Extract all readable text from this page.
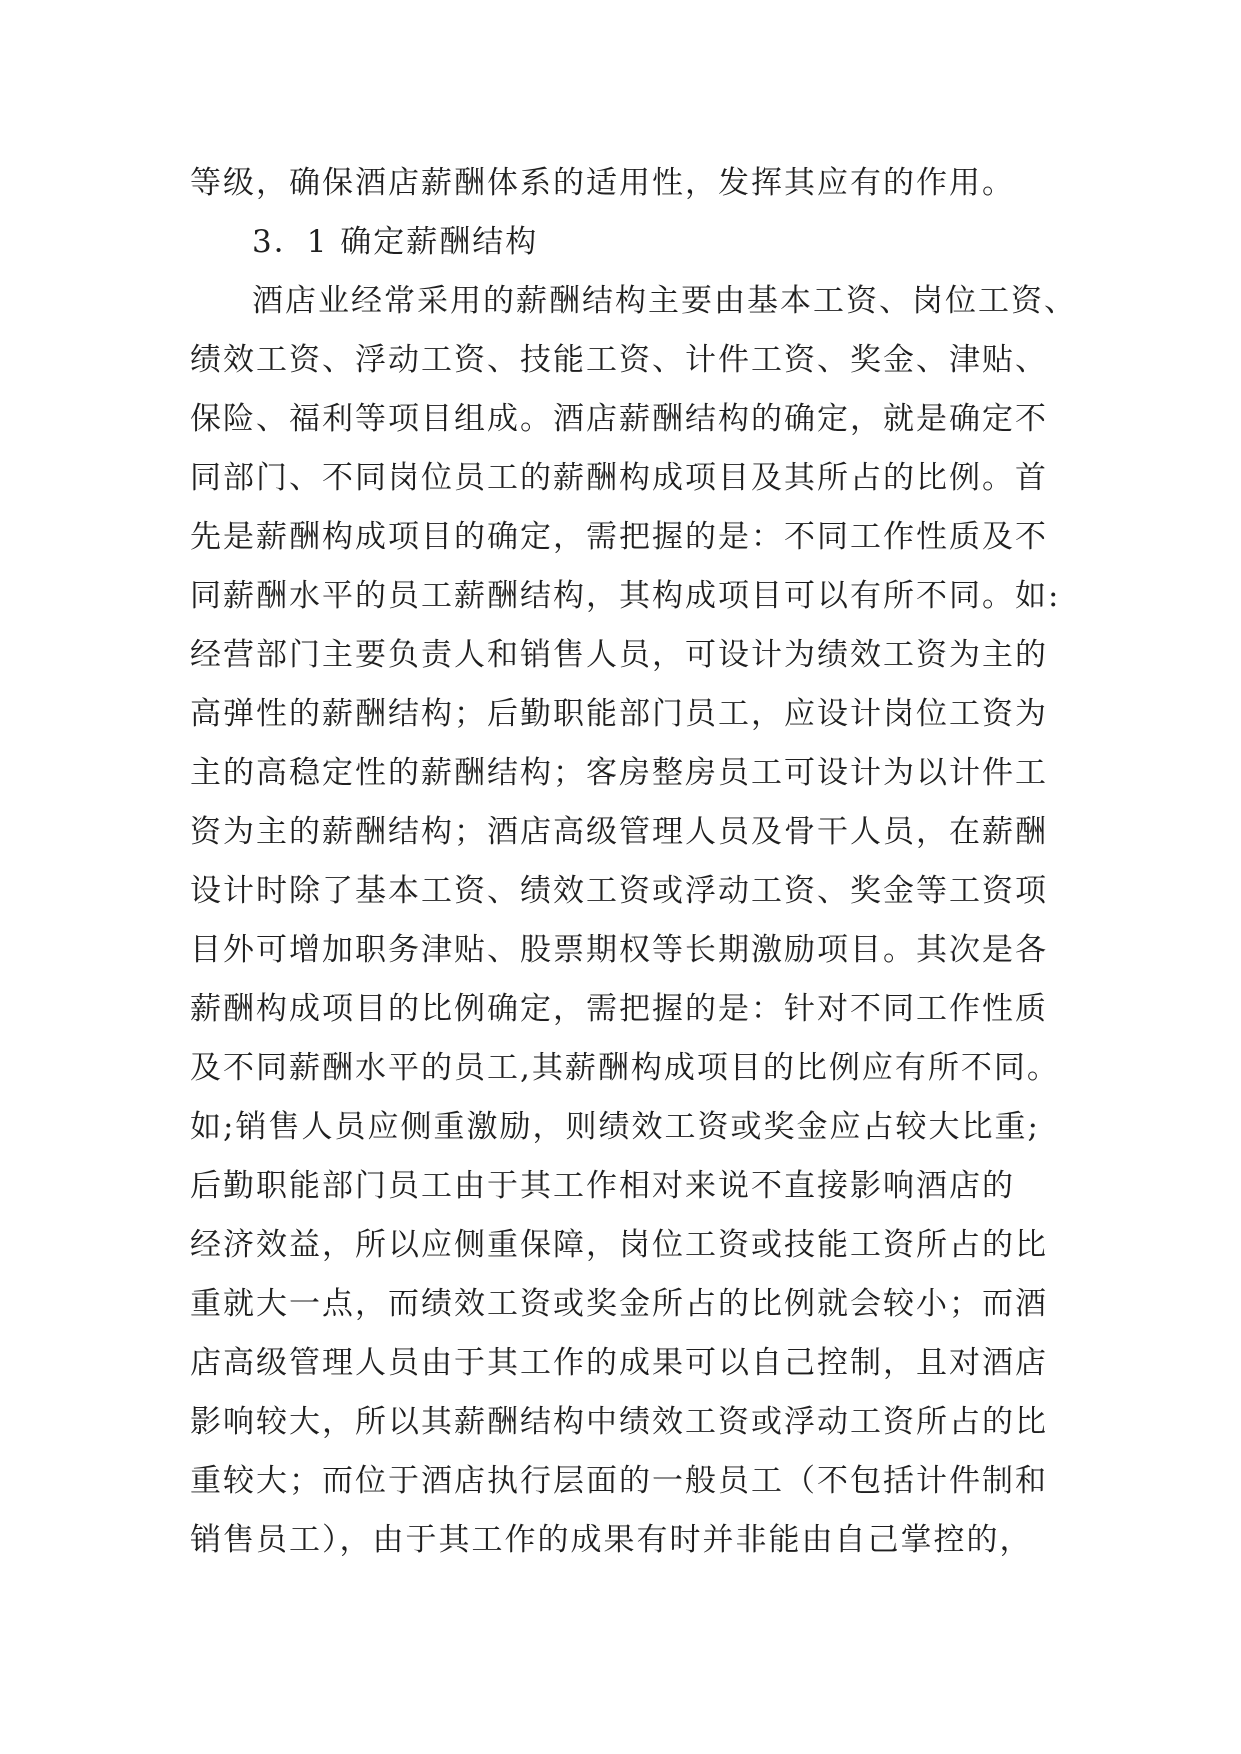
等级，确保酒店薪酬体系的适用性，发挥其应有的作用。
3．1 确定薪酬结构
酒店业经常采用的薪酬结构主要由基本工资、岗位工资、
绩效工资、浮动工资、技能工资、计件工资、奖金、津贴、
保险、福利等项目组成。酒店薪酬结构的确定，就是确定不
同部门、不同岗位员工的薪酬构成项目及其所占的比例。首
先是薪酬构成项目的确定，需把握的是：不同工作性质及不
同薪酬水平的员工薪酬结构，其构成项目可以有所不同。如:
经营部门主要负责人和销售人员，可设计为绩效工资为主的
高弹性的薪酬结构；后勤职能部门员工，应设计岗位工资为
主的高稳定性的薪酬结构；客房整房员工可设计为以计件工
资为主的薪酬结构；酒店高级管理人员及骨干人员，在薪酬
设计时除了基本工资、绩效工资或浮动工资、奖金等工资项
目外可增加职务津贴、股票期权等长期激励项目。其次是各
薪酬构成项目的比例确定，需把握的是：针对不同工作性质
及不同薪酬水平的员工,其薪酬构成项目的比例应有所不同。
如;销售人员应侧重激励，则绩效工资或奖金应占较大比重;
后勤职能部门员工由于其工作相对来说不直接影响酒店的
经济效益，所以应侧重保障，岗位工资或技能工资所占的比
重就大一点，而绩效工资或奖金所占的比例就会较小；而酒
店高级管理人员由于其工作的成果可以自己控制，且对酒店
影响较大，所以其薪酬结构中绩效工资或浮动工资所占的比
重较大；而位于酒店执行层面的一般员工（不包括计件制和
销售员工），由于其工作的成果有时并非能由自己掌控的，
